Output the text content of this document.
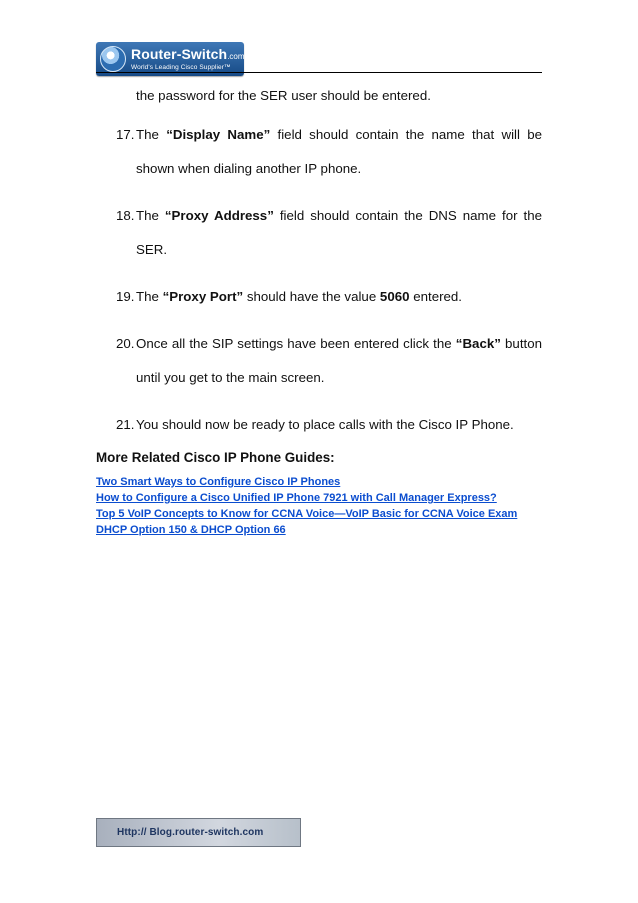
Router-Switch.com
World's Leading Cisco Supplier™

the password for the SER user should be entered.

17. The “Display Name” field should contain the name that will be shown when dialing another IP phone.
18. The “Proxy Address” field should contain the DNS name for the SER.
19. The “Proxy Port” should have the value 5060 entered.
20. Once all the SIP settings have been entered click the “Back” button until you get to the main screen.
21. You should now be ready to place calls with the Cisco IP Phone.
More Related Cisco IP Phone Guides:
Two Smart Ways to Configure Cisco IP Phones
How to Configure a Cisco Unified IP Phone 7921 with Call Manager Express?
Top 5 VoIP Concepts to Know for CCNA Voice—VoIP Basic for CCNA Voice Exam
DHCP Option 150 & DHCP Option 66
Http:// Blog.router-switch.com
